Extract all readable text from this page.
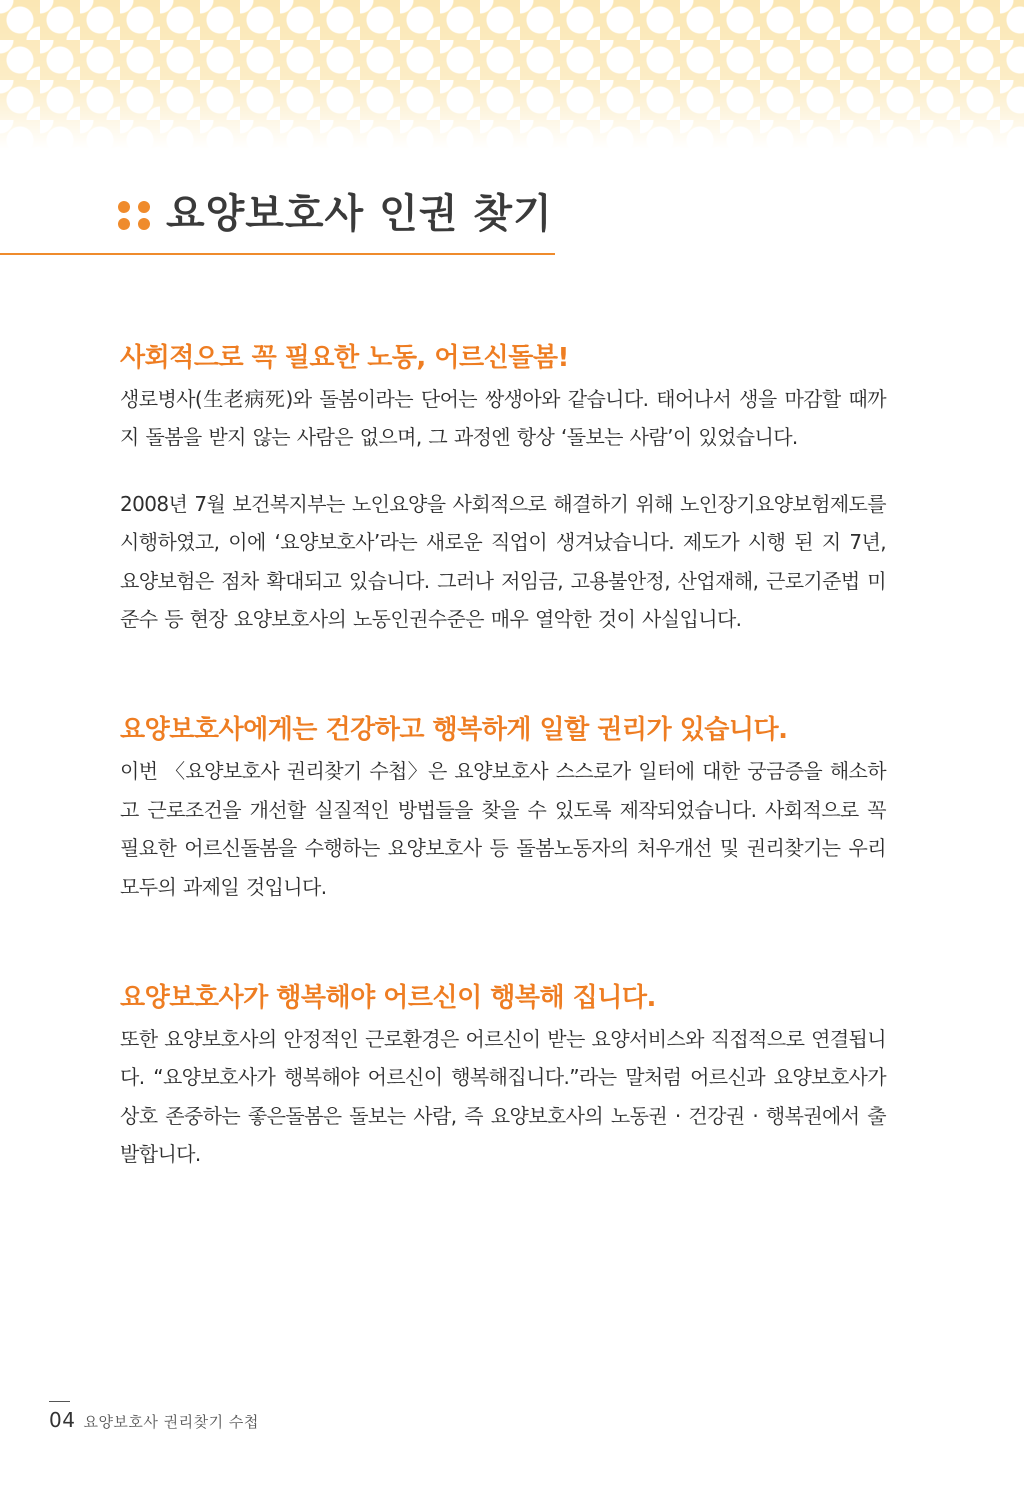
요양보호사 인권 찾기
사회적으로 꼭 필요한 노동, 어르신돌봄!

생로병사(生老病死)와 돌봄이라는 단어는 쌍생아와 같습니다. 태어나서 생을 마감할 때까지 돌봄을 받지 않는 사람은 없으며, 그 과정엔 항상 ‘돌보는 사람’이 있었습니다.

2008년 7월 보건복지부는 노인요양을 사회적으로 해결하기 위해 노인장기요양보험제도를 시행하였고, 이에 ‘요양보호사’라는 새로운 직업이 생겨났습니다. 제도가 시행 된 지 7년, 요양보험은 점차 확대되고 있습니다. 그러나 저임금, 고용불안정, 산업재해, 근로기준법 미 준수 등 현장 요양보호사의 노동인권수준은 매우 열악한 것이 사실입니다.

요양보호사에게는 건강하고 행복하게 일할 권리가 있습니다.

이번 〈요양보호사 권리찾기 수첩〉은 요양보호사 스스로가 일터에 대한 궁금증을 해소하고 근로조건을 개선할 실질적인 방법들을 찾을 수 있도록 제작되었습니다. 사회적으로 꼭 필요한 어르신돌봄을 수행하는 요양보호사 등 돌봄노동자의 처우개선 및 권리찾기는 우리 모두의 과제일 것입니다.

요양보호사가 행복해야 어르신이 행복해 집니다.

또한 요양보호사의 안정적인 근로환경은 어르신이 받는 요양서비스와 직접적으로 연결됩니다. “요양보호사가 행복해야 어르신이 행복해집니다.”라는 말처럼 어르신과 요양보호사가 상호 존중하는 좋은돌봄은 돌보는 사람, 즉 요양보호사의 노동권 · 건강권 · 행복권에서 출발합니다.

04 요양보호사 권리찾기 수첩
